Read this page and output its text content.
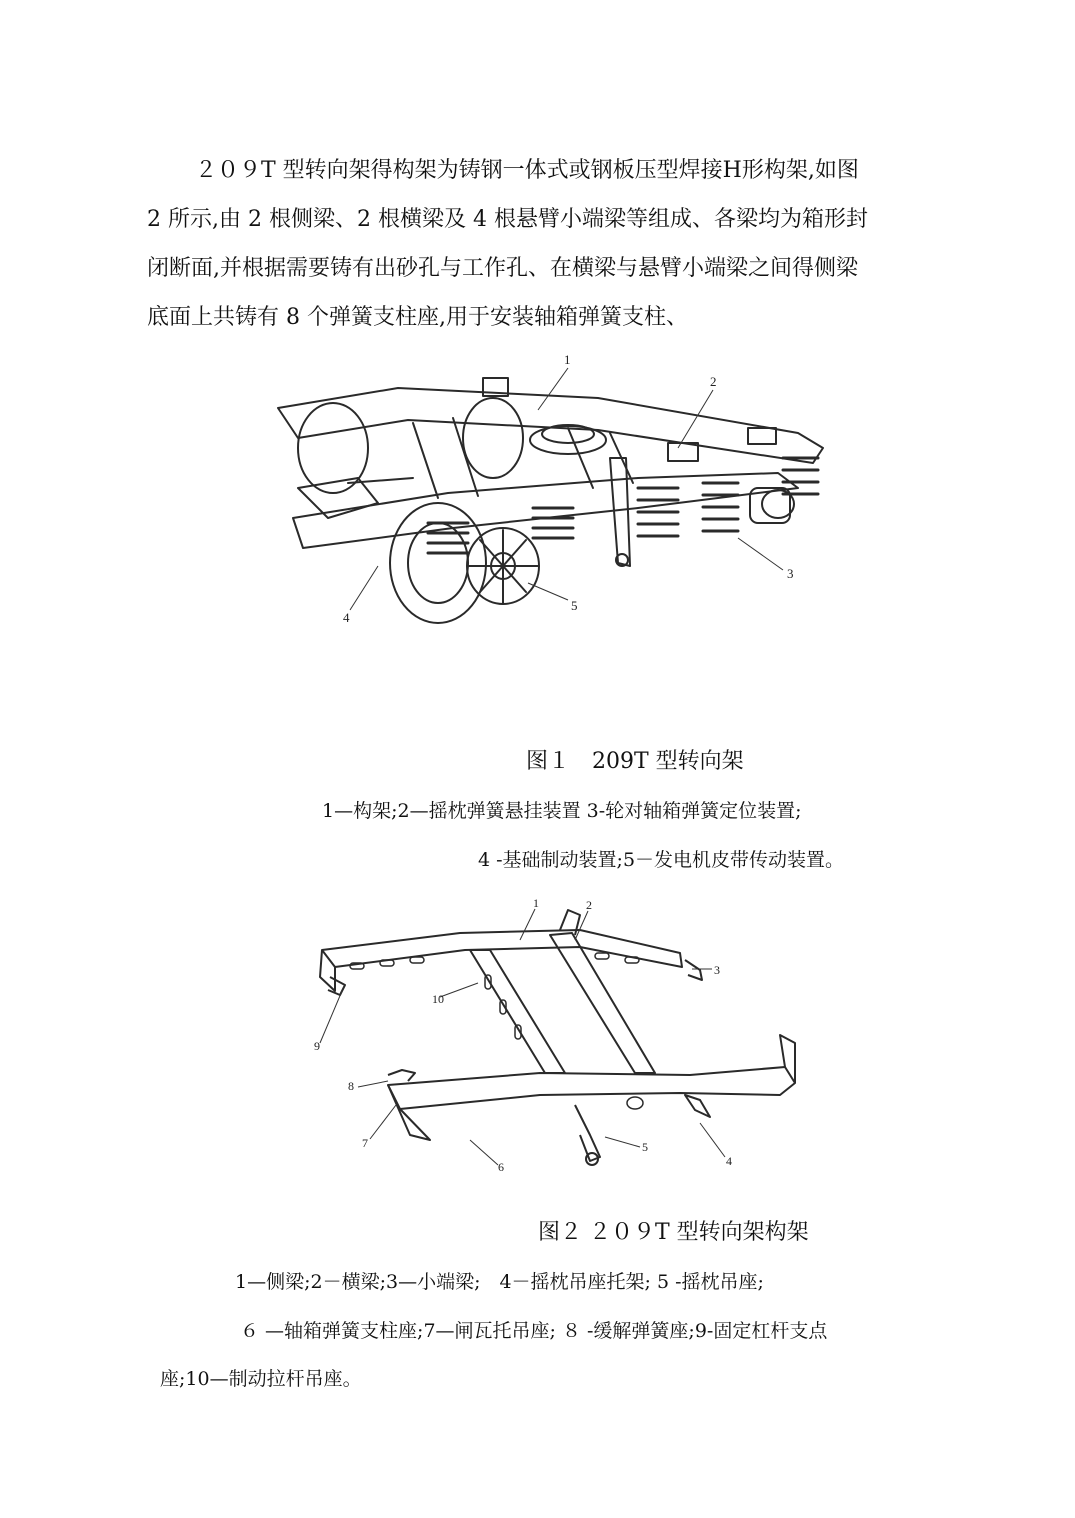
２０９T 型转向架得构架为铸钢一体式或钢板压型焊接H形构架,如图
2 所示,由 2 根侧梁、2 根横梁及 4 根悬臂小端梁等组成、各梁均为箱形封
闭断面,并根据需要铸有出砂孔与工作孔、在横梁与悬臂小端梁之间得侧梁
底面上共铸有 8 个弹簧支柱座,用于安装轴箱弹簧支柱、
1
2
3
4
5

图１　209T 型转向架

1—构架;2—摇枕弹簧悬挂装置 3-轮对轴箱弹簧定位装置;

4 -基础制动装置;5－发电机皮带传动装置。

1	2
3
4
5
6
7
8
9
10

图２ ２０９T 型转向架构架

1—侧梁;2－横梁;3—小端梁;　4－摇枕吊座托架; 5 -摇枕吊座;

６ —轴箱弹簧支柱座;7—闸瓦托吊座; ８ -缓解弹簧座;9-固定杠杆支点

座;10—制动拉杆吊座。
